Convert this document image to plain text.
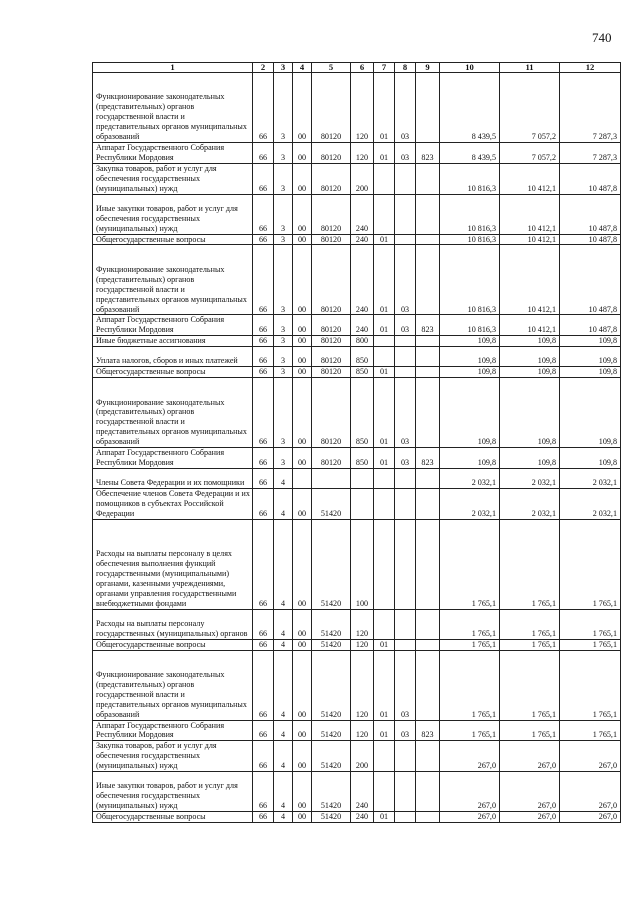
740
1	2	3	4	5	6	7	8	9	10	11	12
Функционирование законодательных (представительных) органов государственной власти и представительных органов муниципальных образований	66	3	00	80120	120	01	03		8 439,5	7 057,2	7 287,3
Аппарат Государственного Собрания Республики Мордовия	66	3	00	80120	120	01	03	823	8 439,5	7 057,2	7 287,3
Закупка товаров, работ и услуг для обеспечения государственных (муниципальных) нужд	66	3	00	80120	200				10 816,3	10 412,1	10 487,8
Иные закупки товаров, работ и услуг для обеспечения государственных (муниципальных) нужд	66	3	00	80120	240				10 816,3	10 412,1	10 487,8
Общегосударственные вопросы	66	3	00	80120	240	01			10 816,3	10 412,1	10 487,8
Функционирование законодательных (представительных) органов государственной власти и представительных органов муниципальных образований	66	3	00	80120	240	01	03		10 816,3	10 412,1	10 487,8
Аппарат Государственного Собрания Республики Мордовия	66	3	00	80120	240	01	03	823	10 816,3	10 412,1	10 487,8
Иные бюджетные ассигнования	66	3	00	80120	800				109,8	109,8	109,8
Уплата налогов, сборов и иных платежей	66	3	00	80120	850				109,8	109,8	109,8
Общегосударственные вопросы	66	3	00	80120	850	01			109,8	109,8	109,8
Функционирование законодательных (представительных) органов государственной власти и представительных органов муниципальных образований	66	3	00	80120	850	01	03		109,8	109,8	109,8
Аппарат Государственного Собрания Республики Мордовия	66	3	00	80120	850	01	03	823	109,8	109,8	109,8
Члены Совета Федерации и их помощники	66	4							2 032,1	2 032,1	2 032,1
Обеспечение членов Совета Федерации и их помощников в субъектах Российской Федерации	66	4	00	51420					2 032,1	2 032,1	2 032,1
Расходы на выплаты персоналу в целях обеспечения выполнения функций государственными (муниципальными) органами, казенными учреждениями, органами управления государственными внебюджетными фондами	66	4	00	51420	100				1 765,1	1 765,1	1 765,1
Расходы на выплаты персоналу государственных (муниципальных) органов	66	4	00	51420	120				1 765,1	1 765,1	1 765,1
Общегосударственные вопросы	66	4	00	51420	120	01			1 765,1	1 765,1	1 765,1
Функционирование законодательных (представительных) органов государственной власти и представительных органов муниципальных образований	66	4	00	51420	120	01	03		1 765,1	1 765,1	1 765,1
Аппарат Государственного Собрания Республики Мордовия	66	4	00	51420	120	01	03	823	1 765,1	1 765,1	1 765,1
Закупка товаров, работ и услуг для обеспечения государственных (муниципальных) нужд	66	4	00	51420	200				267,0	267,0	267,0
Иные закупки товаров, работ и услуг для обеспечения государственных (муниципальных) нужд	66	4	00	51420	240				267,0	267,0	267,0
Общегосударственные вопросы	66	4	00	51420	240	01			267,0	267,0	267,0
